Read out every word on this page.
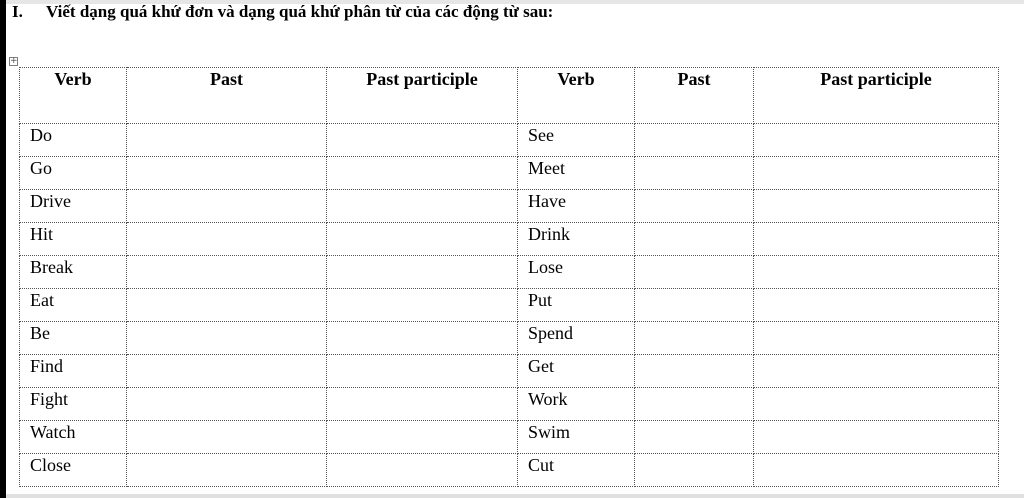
I. Viết dạng quá khứ đơn và dạng quá khứ phân từ của các động từ sau:
+
Verb	Past	Past participle	Verb	Past	Past participle
Do			See		
Go			Meet		
Drive			Have		
Hit			Drink		
Break			Lose		
Eat			Put		
Be			Spend		
Find			Get		
Fight			Work		
Watch			Swim		
Close			Cut		
